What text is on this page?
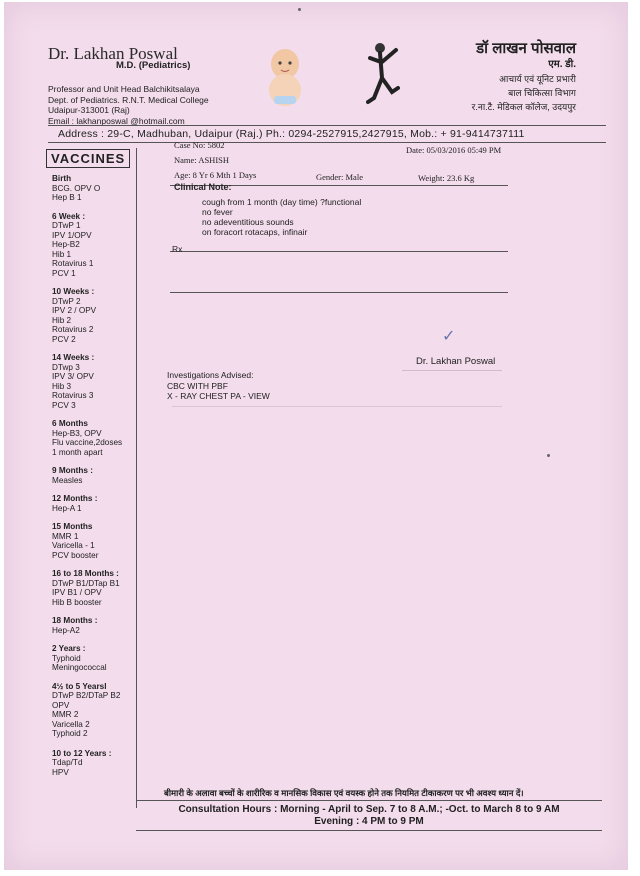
Dr. Lakhan Poswal
M.D. (Pediatrics)
Professor and Unit Head Balchikitsalaya
Dept. of Pediatrics. R.N.T. Medical College
Udaipur-313001 (Raj)
Email : lakhanposwal @hotmail.com
डॉ लाखन पोसवाल
एम. डी.
आचार्य एवं यूनिट प्रभारी
बाल चिकित्सा विभाग
र.ना.टै. मेडिकल कॉलेज, उदयपुर
Address : 29-C, Madhuban, Udaipur (Raj.) Ph.: 0294-2527915,2427915, Mob.: + 91-9414737111
VACCINES
Birth
BCG. OPV O
Hep B 1
6 Week :
DTwP 1
IPV 1/OPV
Hep-B2
Hib 1
Rotavirus 1
PCV 1
10 Weeks :
DTwP 2
IPV 2 / OPV
Hib 2
Rotavirus 2
PCV 2
14 Weeks :
DTwp 3
IPV 3/ OPV
Hib 3
Rotavirus 3
PCV 3
6 Months
Hep-B3, OPV
Flu vaccine,2doses
1 month apart
9 Months :
Measles
12 Months :
Hep-A 1
15 Months
MMR 1
Varicella - 1
PCV booster
16 to 18 Months :
DTwP B1/DTap B1
IPV B1 / OPV
Hib B booster
18 Months :
Hep-A2
2 Years :
Typhoid
Meningococcal
4½ to 5 Yearsl
DTwP B2/DTaP B2
OPV
MMR 2
Varicella 2
Typhoid 2
10 to 12 Years :
Tdap/Td
HPV
Case No: 5802	Date: 05/03/2016 05:49 PM
Name: ASHISH
Age: 8 Yr 6 Mth 1 Days	Gender: Male	Weight: 23.6 Kg
Clinical Note:
cough from 1 month (day time) ?functional
no fever
no adeventitious sounds
on foracort rotacaps, infinair
Rx
✓
Dr. Lakhan Poswal
Investigations Advised:
CBC WITH PBF
X - RAY CHEST PA - VIEW
बीमारी के अलावा बच्चों के शारीरिक व मानसिक विकास एवं वयस्क होने तक नियमित टीकाकरण पर भी अवश्य ध्यान दें।
Consultation Hours : Morning - April to Sep. 7 to 8 A.M.; -Oct. to March 8 to 9 AM
Evening : 4 PM to 9 PM
